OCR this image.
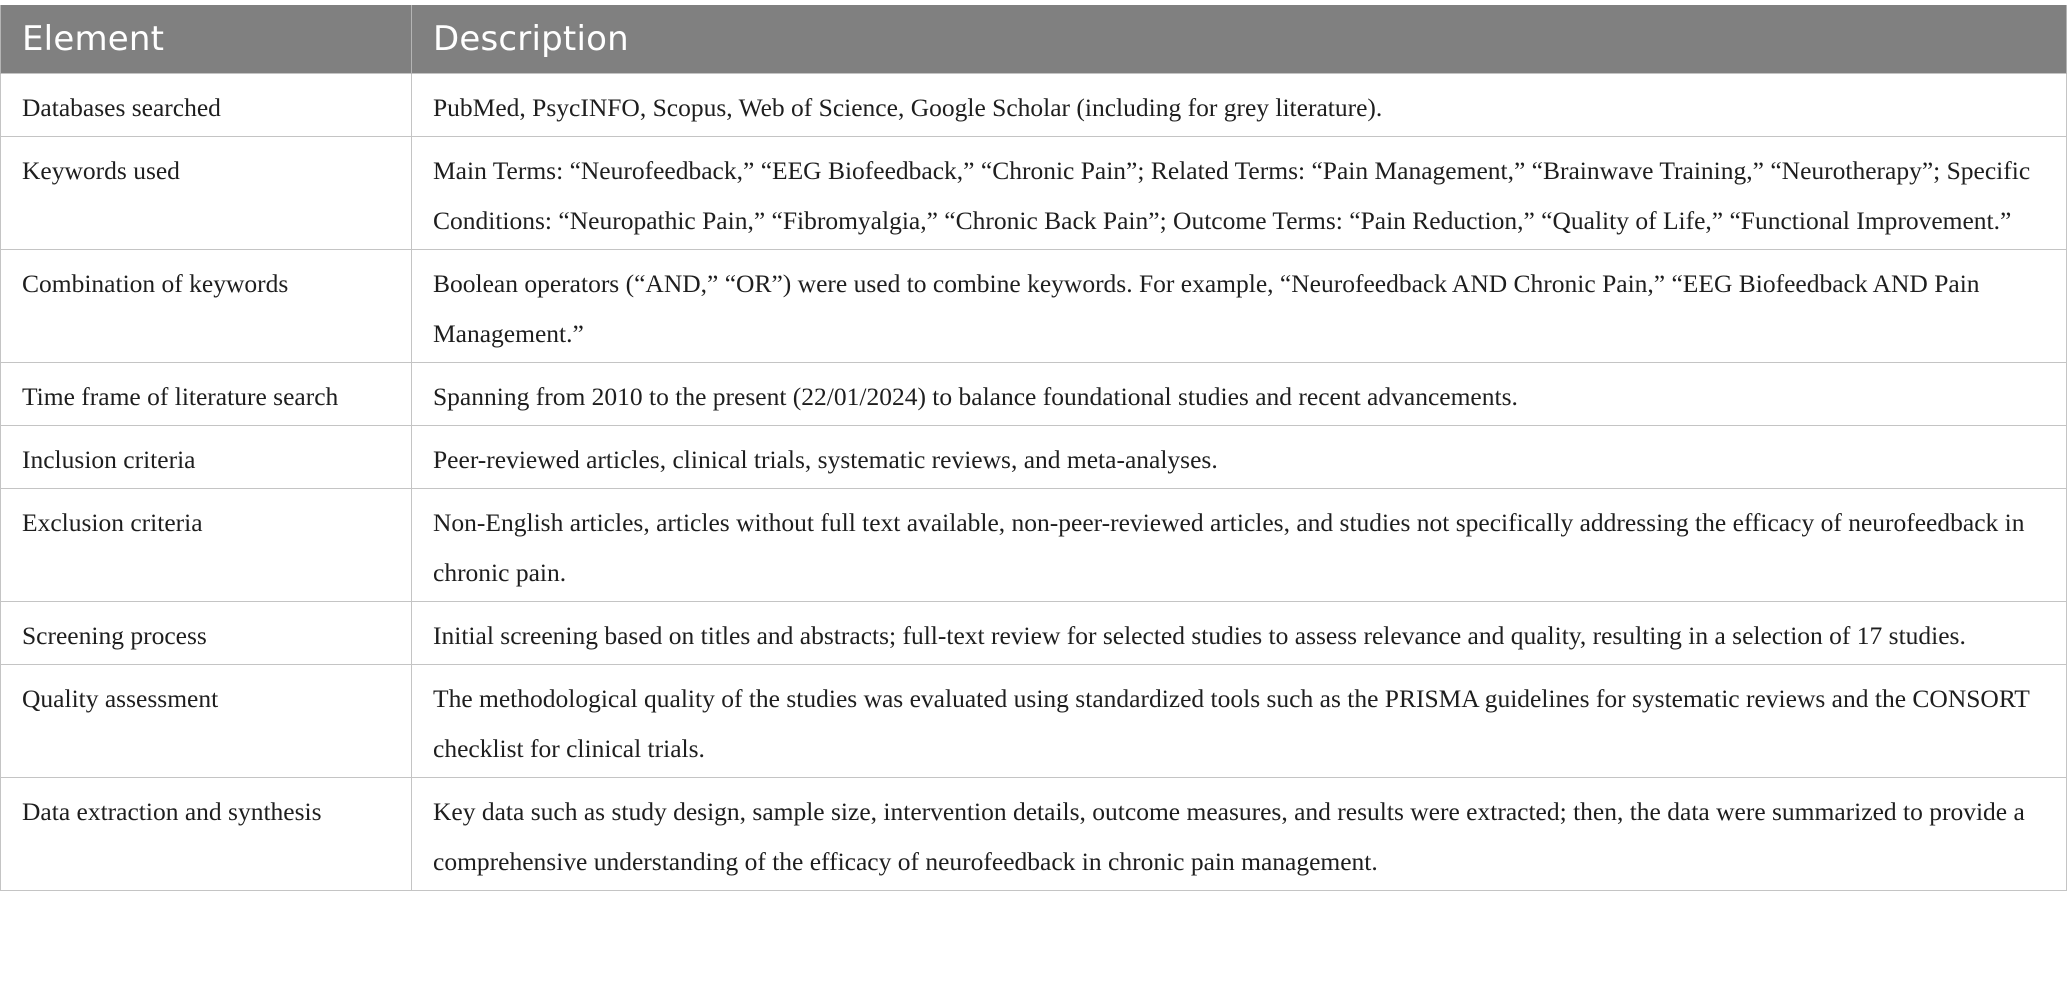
Element	Description
Databases searched	PubMed, PsycINFO, Scopus, Web of Science, Google Scholar (including for grey literature).
Keywords used	Main Terms: “Neurofeedback,” “EEG Biofeedback,” “Chronic Pain”; Related Terms: “Pain Management,” “Brainwave Training,” “Neurotherapy”; Specific Conditions: “Neuropathic Pain,” “Fibromyalgia,” “Chronic Back Pain”; Outcome Terms: “Pain Reduction,” “Quality of Life,” “Functional Improvement.”
Combination of keywords	Boolean operators (“AND,” “OR”) were used to combine keywords. For example, “Neurofeedback AND Chronic Pain,” “EEG Biofeedback AND Pain Management.”
Time frame of literature search	Spanning from 2010 to the present (22/01/2024) to balance foundational studies and recent advancements.
Inclusion criteria	Peer-reviewed articles, clinical trials, systematic reviews, and meta-analyses.
Exclusion criteria	Non-English articles, articles without full text available, non-peer-reviewed articles, and studies not specifically addressing the efficacy of neurofeedback in chronic pain.
Screening process	Initial screening based on titles and abstracts; full-text review for selected studies to assess relevance and quality, resulting in a selection of 17 studies.
Quality assessment	The methodological quality of the studies was evaluated using standardized tools such as the PRISMA guidelines for systematic reviews and the CONSORT checklist for clinical trials.
Data extraction and synthesis	Key data such as study design, sample size, intervention details, outcome measures, and results were extracted; then, the data were summarized to provide a comprehensive understanding of the efficacy of neurofeedback in chronic pain management.
